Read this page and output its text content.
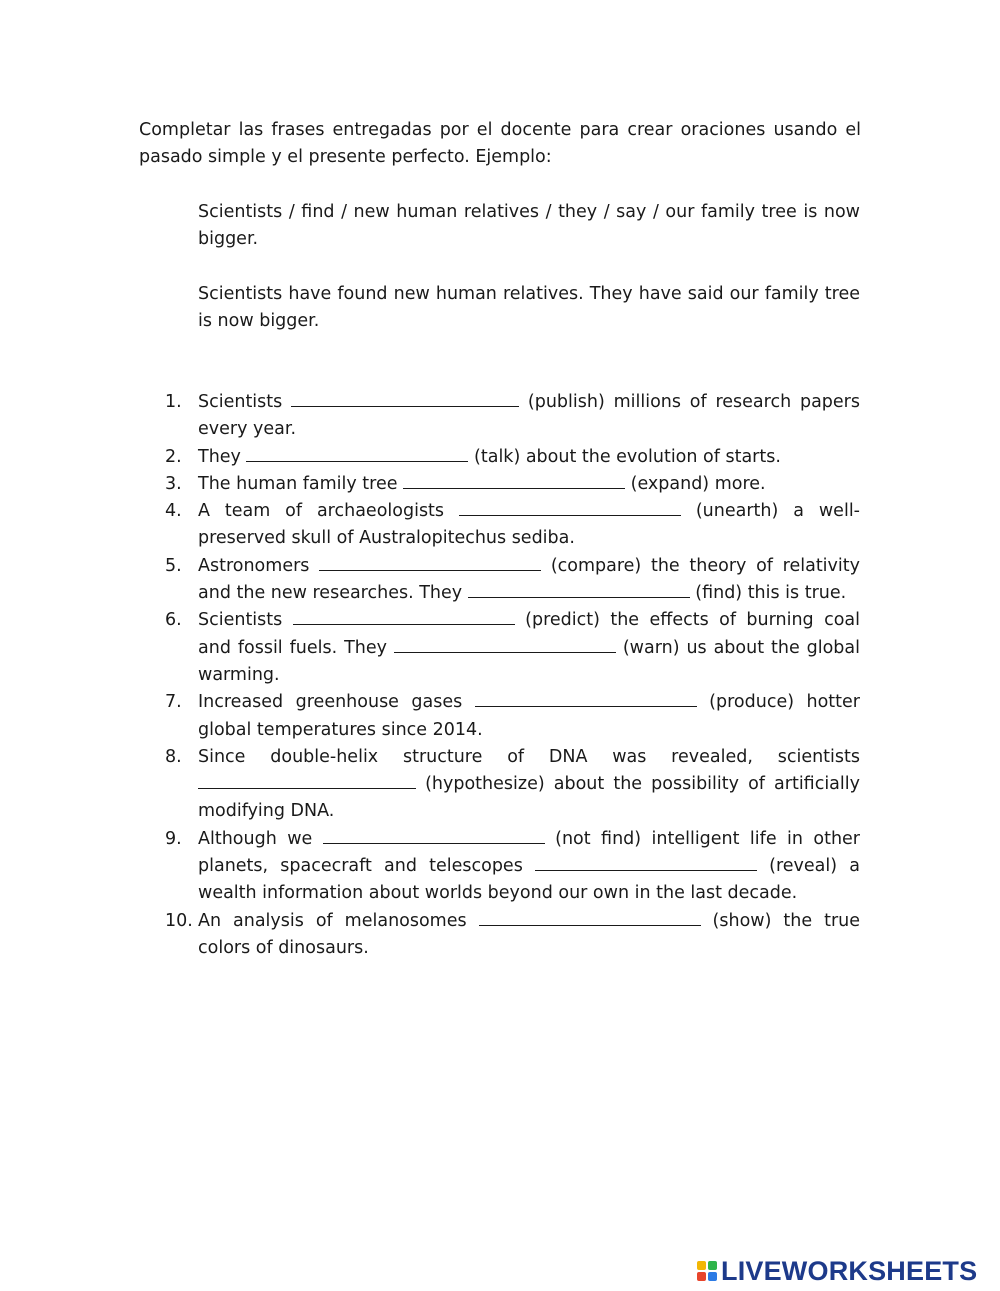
Completar las frases entregadas por el docente para crear oraciones usando el pasado simple y el presente perfecto. Ejemplo:

Scientists / find / new human relatives / they / say / our family tree is now bigger.

Scientists have found new human relatives. They have said our family tree is now bigger.

1. Scientists	(publish) millions of research papers every year.
2. They	(talk) about the evolution of starts.
3. The human family tree	(expand) more.
4. A team of archaeologists	(unearth) a well-preserved skull of Australopitechus sediba.
5. Astronomers	(compare) the theory of relativity and the new researches. They	(find) this is true.
6. Scientists	(predict) the effects of burning coal and fossil fuels. They	(warn) us about the global warming.
7. Increased greenhouse gases	(produce) hotter global temperatures since 2014.
8. Since double-helix structure of DNA was revealed, scientists  (hypothesize) about the possibility of artificially modifying DNA.
9. Although we	(not find) intelligent life in other planets, spacecraft and telescopes	(reveal) a wealth information about worlds beyond our own in the last decade.
10. An analysis of melanosomes	(show) the true colors of dinosaurs.
LIVEWORKSHEETS
